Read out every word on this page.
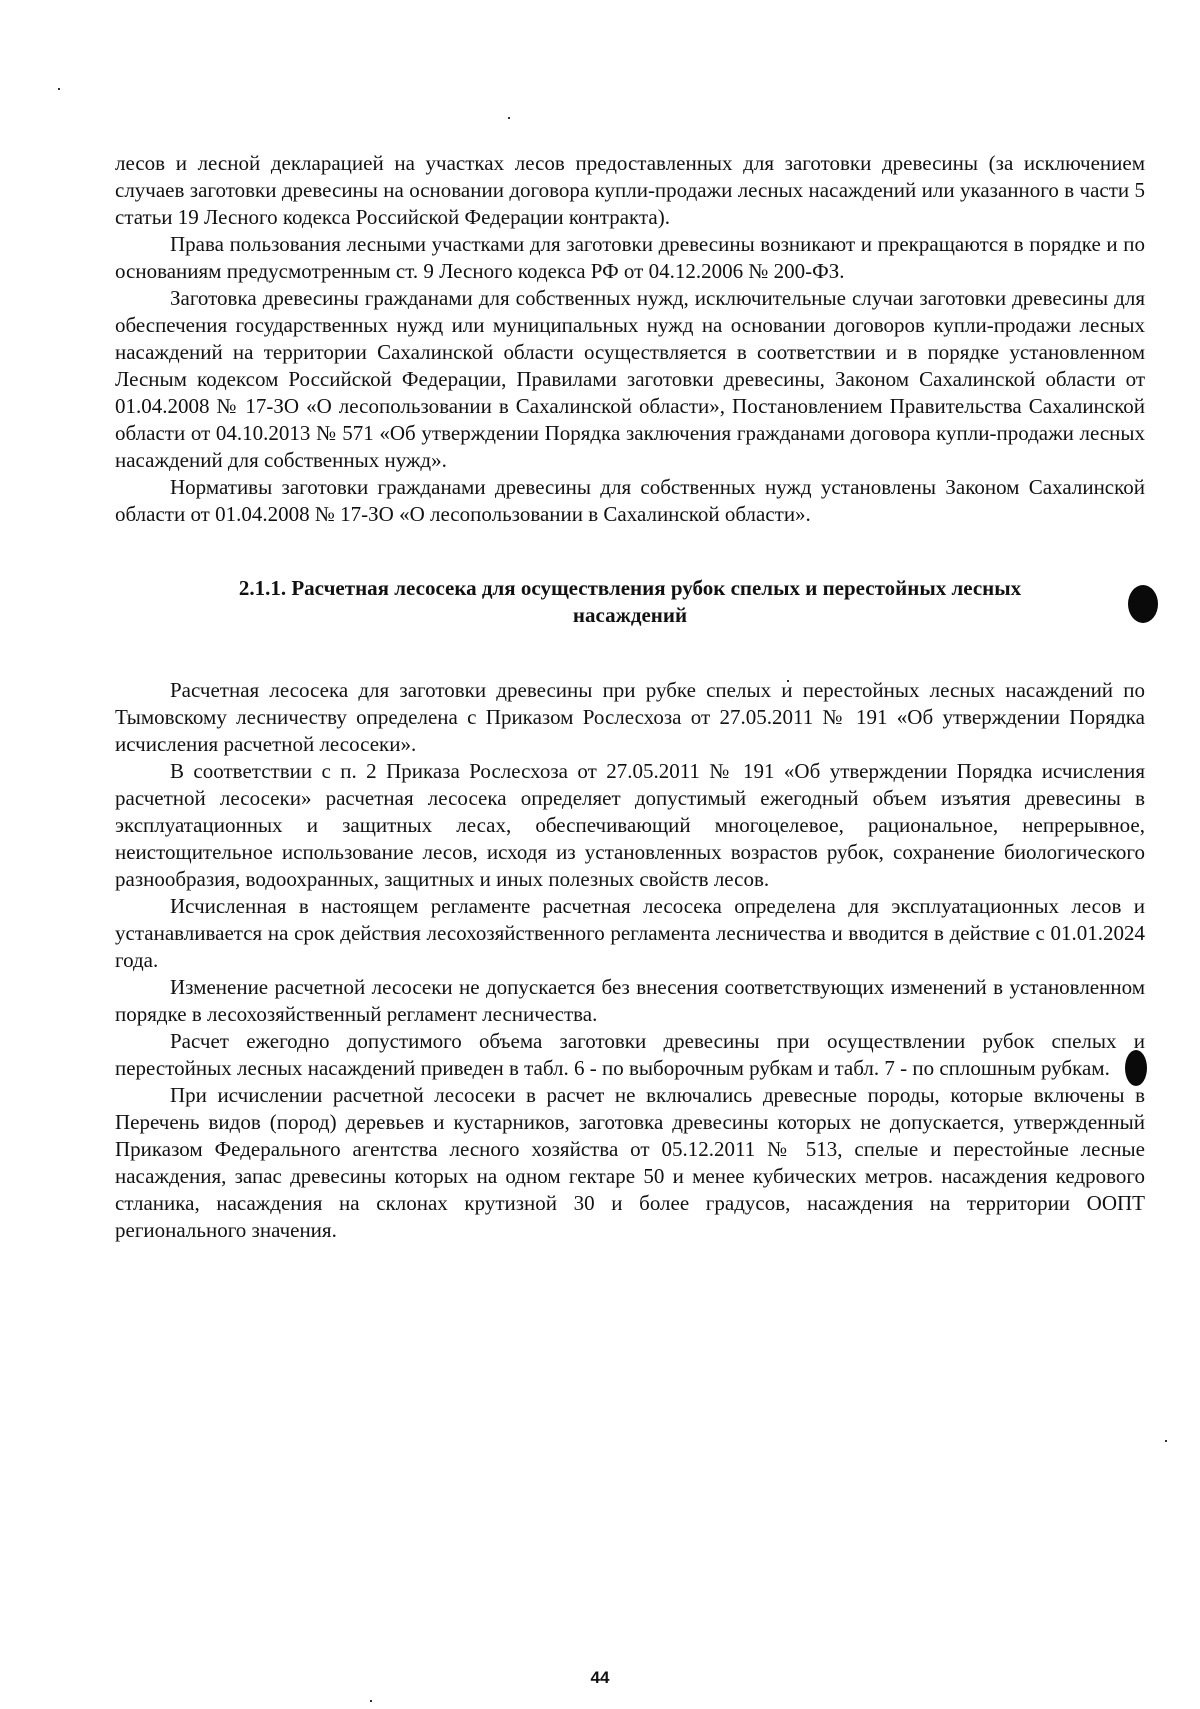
лесов и лесной декларацией на участках лесов предоставленных для заготовки древесины (за исключением случаев заготовки древесины на основании договора купли-продажи лесных насаждений или указанного в части 5 статьи 19 Лесного кодекса Российской Федерации контракта).

Права пользования лесными участками для заготовки древесины возникают и прекращаются в порядке и по основаниям предусмотренным ст. 9 Лесного кодекса РФ от 04.12.2006 № 200-ФЗ.

Заготовка древесины гражданами для собственных нужд, исключительные случаи заготовки древесины для обеспечения государственных нужд или муниципальных нужд на основании договоров купли-продажи лесных насаждений на территории Сахалинской области осуществляется в соответствии и в порядке установленном Лесным кодексом Российской Федерации, Правилами заготовки древесины, Законом Сахалинской области от 01.04.2008 № 17-ЗО «О лесопользовании в Сахалинской области», Постановлением Правительства Сахалинской области от 04.10.2013 № 571 «Об утверждении Порядка заключения гражданами договора купли-продажи лесных насаждений для собственных нужд».

Нормативы заготовки гражданами древесины для собственных нужд установлены Законом Сахалинской области от 01.04.2008 № 17-ЗО «О лесопользовании в Сахалинской области».

2.1.1. Расчетная лесосека для осуществления рубок спелых и перестойных лесных насаждений

Расчетная лесосека для заготовки древесины при рубке спелых и перестойных лесных насаждений по Тымовскому лесничеству определена с Приказом Рослесхоза от 27.05.2011 № 191 «Об утверждении Порядка исчисления расчетной лесосеки».

В соответствии с п. 2 Приказа Рослесхоза от 27.05.2011 № 191 «Об утверждении Порядка исчисления расчетной лесосеки» расчетная лесосека определяет допустимый ежегодный объем изъятия древесины в эксплуатационных и защитных лесах, обеспечивающий многоцелевое, рациональное, непрерывное, неистощительное использование лесов, исходя из установленных возрастов рубок, сохранение биологического разнообразия, водоохранных, защитных и иных полезных свойств лесов.

Исчисленная в настоящем регламенте расчетная лесосека определена для эксплуатационных лесов и устанавливается на срок действия лесохозяйственного регламента лесничества и вводится в действие с 01.01.2024 года.

Изменение расчетной лесосеки не допускается без внесения соответствующих изменений в установленном порядке в лесохозяйственный регламент лесничества.

Расчет ежегодно допустимого объема заготовки древесины при осуществлении рубок спелых и перестойных лесных насаждений приведен в табл. 6 - по выборочным рубкам и табл. 7 - по сплошным рубкам.

При исчислении расчетной лесосеки в расчет не включались древесные породы, которые включены в Перечень видов (пород) деревьев и кустарников, заготовка древесины которых не допускается, утвержденный Приказом Федерального агентства лесного хозяйства от 05.12.2011 № 513, спелые и перестойные лесные насаждения, запас древесины которых на одном гектаре 50 и менее кубических метров. насаждения кедрового стланика, насаждения на склонах крутизной 30 и более градусов, насаждения на территории ООПТ регионального значения.

44
